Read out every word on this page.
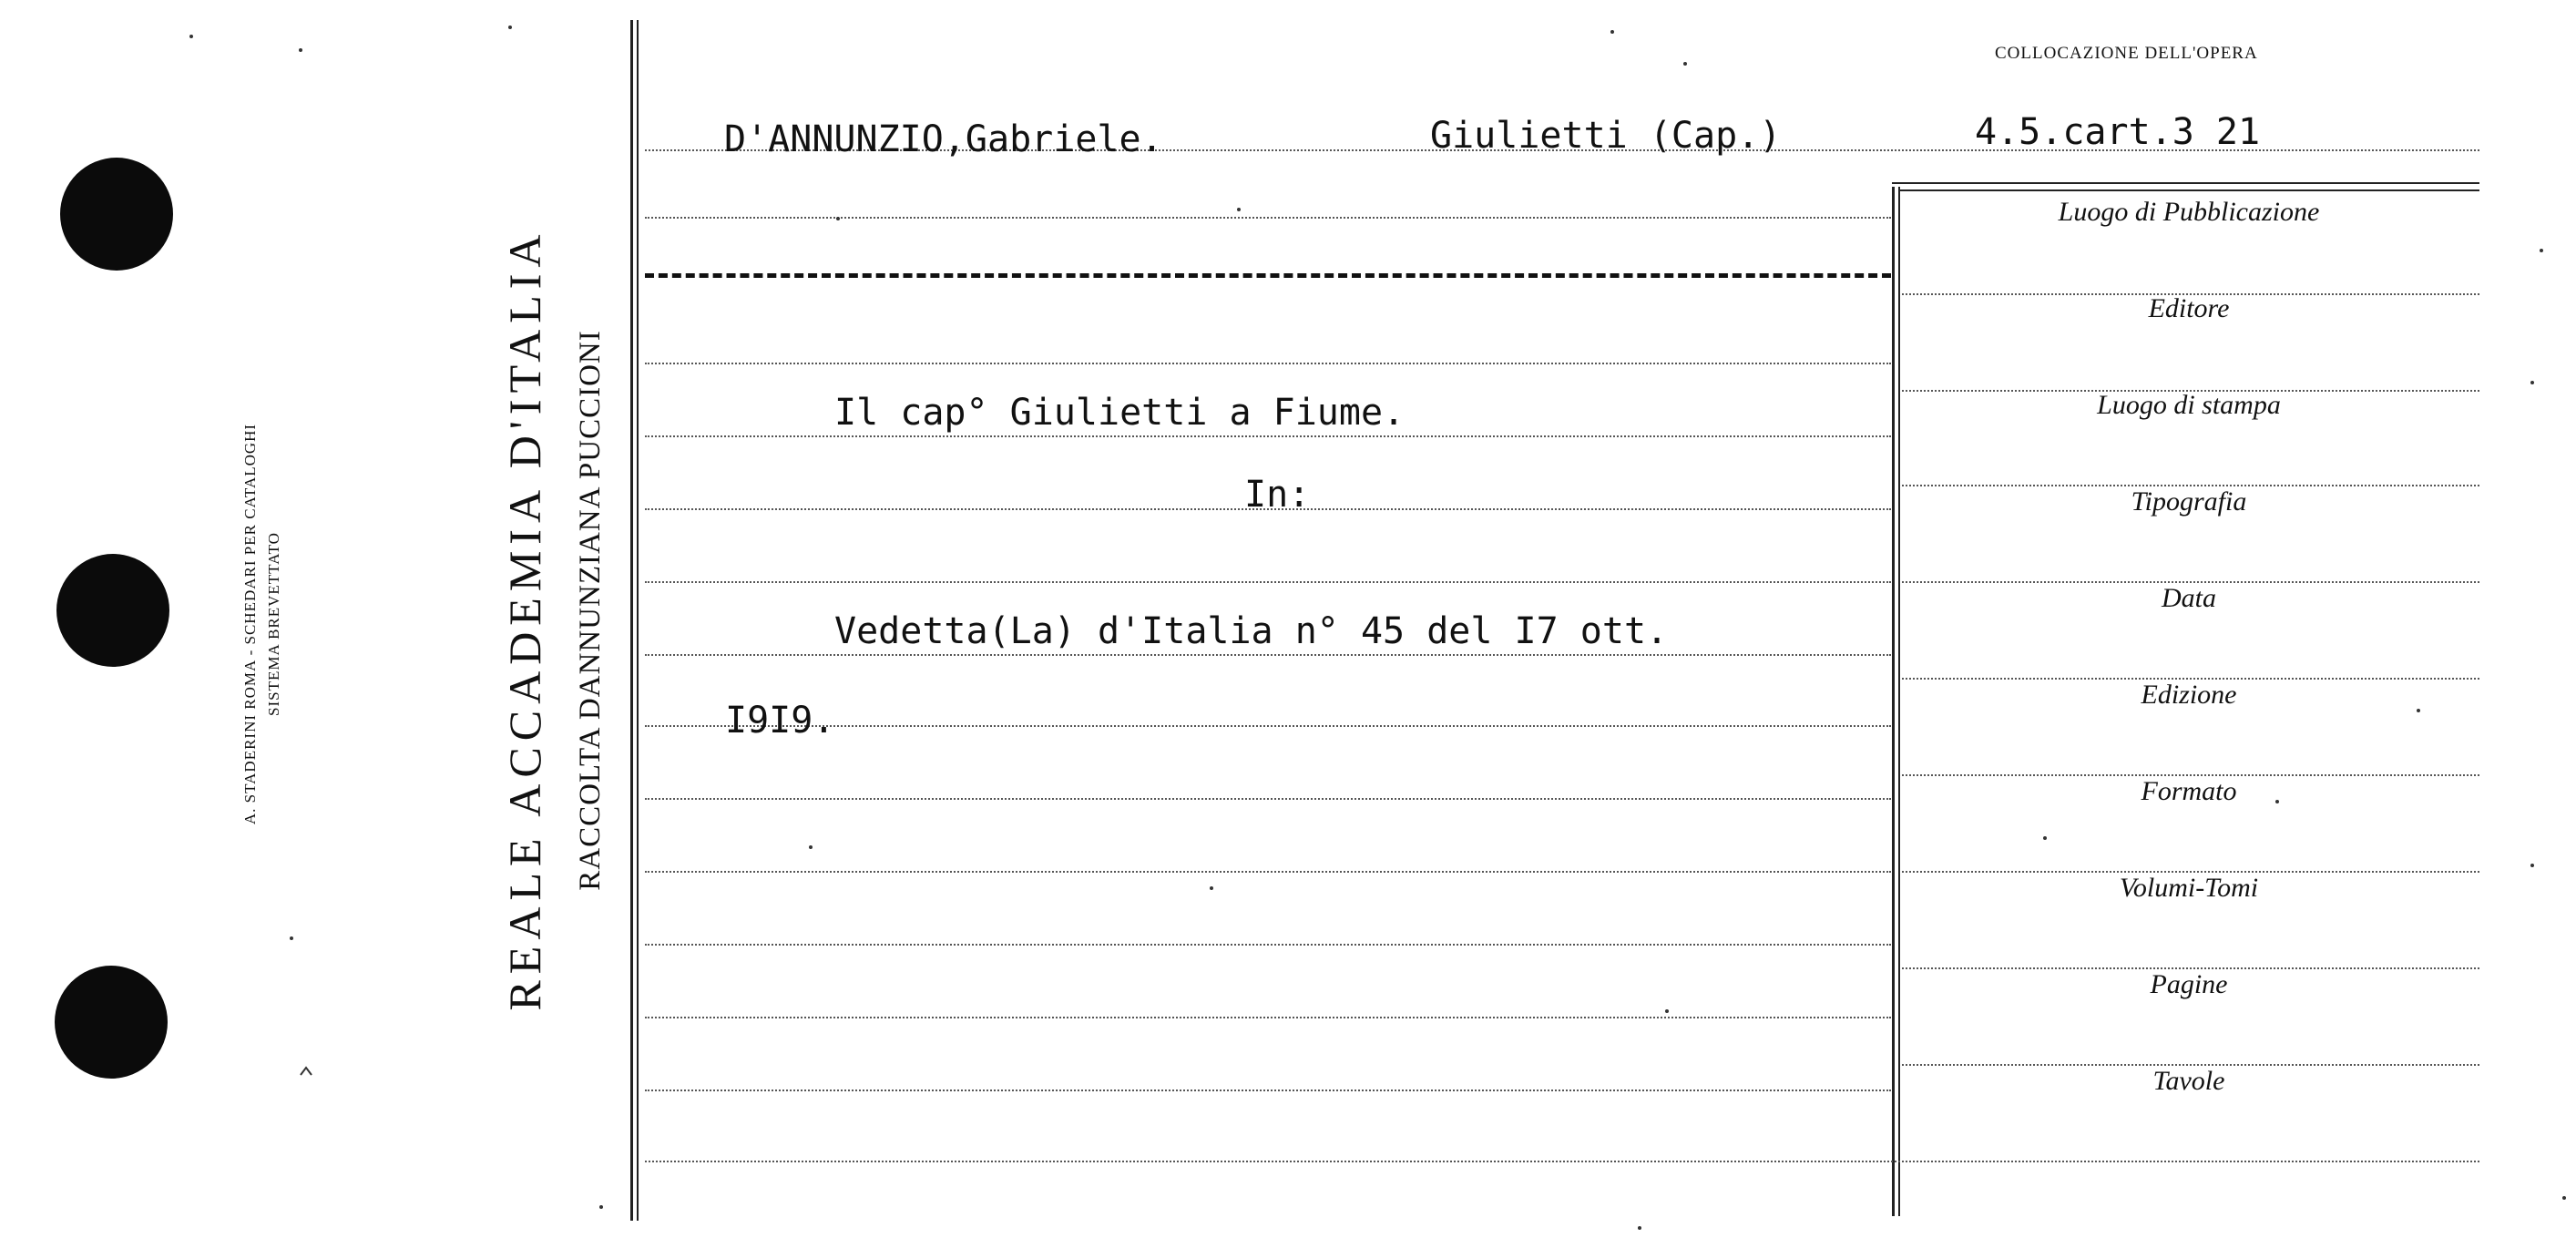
A. STADERINI ROMA - SCHEDARI PER CATALOGHI SISTEMA BREVETTATO	REALE ACCADEMIA D'ITALIA RACCOLTA DANNUNZIANA PUCCIONI
COLLOCAZIONE DELL'OPERA
D'ANNUNZIO,Gabriele.	Giulietti (Cap.)	4.5.cart.3 21
Il cap° Giulietti a Fiume.
In:
Vedetta(La) d'Italia n° 45 del I7 ott.
I9I9.
Luogo di Pubblicazione
Editore
Luogo di stampa
Tipografia
Data
Edizione
Formato
Volumi-Tomi
Pagine
Tavole
